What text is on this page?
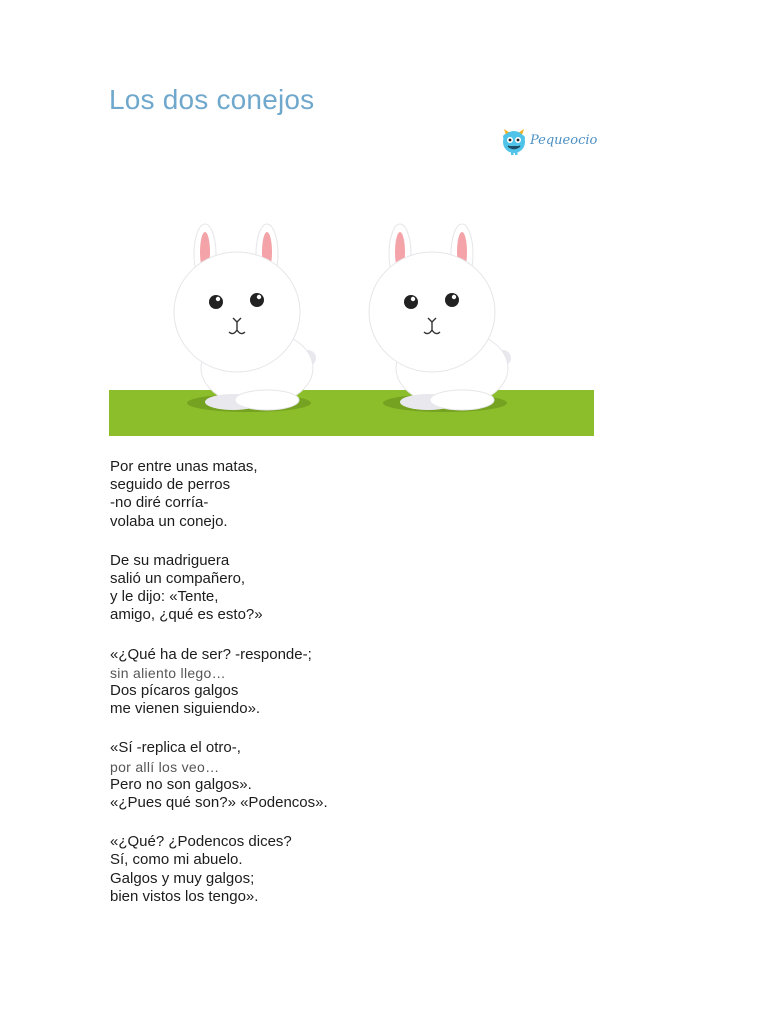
Los dos conejos
Pequeocio
Por entre unas matas,
seguido de perros
-no diré corría-
volaba un conejo.
De su madriguera
salió un compañero,
y le dijo: «Tente,
amigo, ¿qué es esto?»
«¿Qué ha de ser? -responde-;
sin aliento llego…
Dos pícaros galgos
me vienen siguiendo».
«Sí -replica el otro-,
por allí los veo…
Pero no son galgos».
«¿Pues qué son?» «Podencos».
«¿Qué? ¿Podencos dices?
Sí, como mi abuelo.
Galgos y muy galgos;
bien vistos los tengo».
